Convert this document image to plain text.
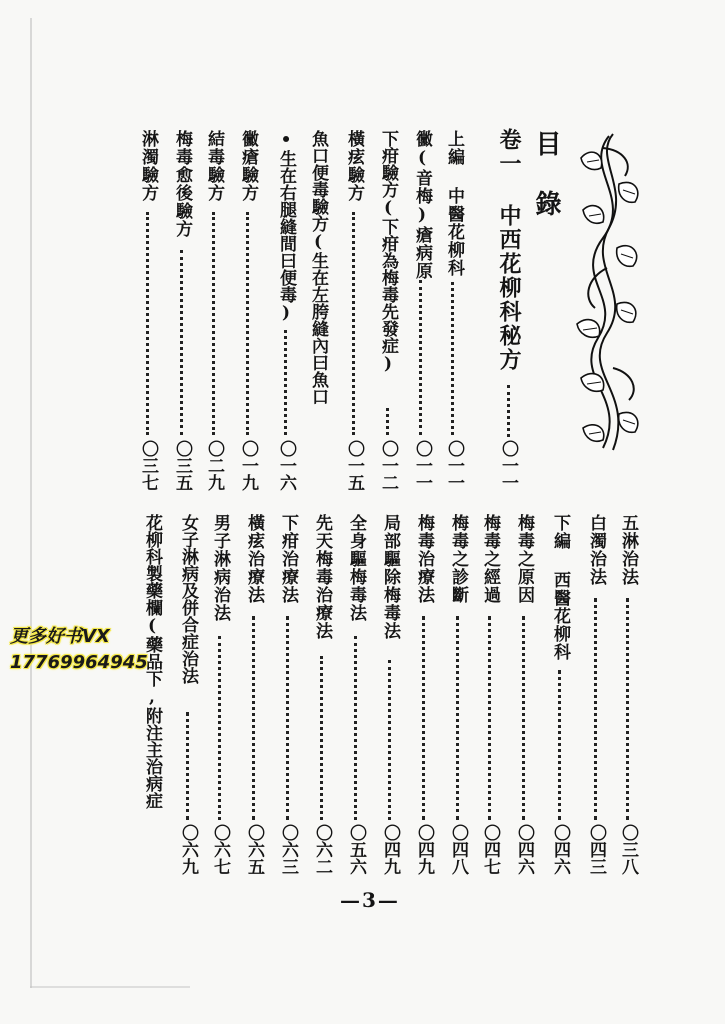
目錄
卷一 中西花柳科秘方
〇一一
上編 中醫花柳科
〇一一
黴(音梅)瘡病原
〇一一
下疳驗方(下疳為梅毒先發症)
〇一二
橫痃驗方
〇一五
魚口便毒驗方(生在左胯縫內曰魚口
•生在右腿縫間曰便毒)
〇一六
黴瘡驗方
〇一九
結毒驗方
〇二九
梅毒愈後驗方
〇三五
淋濁驗方
〇三七
五淋治法
〇三八
白濁治法
〇四三
下編 西醫花柳科
〇四六
梅毒之原因
〇四六
梅毒之經過
〇四七
梅毒之診斷
〇四八
梅毒治療法
〇四九
局部驅除梅毒法
〇四九
全身驅梅毒法
〇五六
先天梅毒治療法
〇六二
下疳治療法
〇六三
橫痃治療法
〇六五
男子淋病治法
〇六七
女子淋病及併合症治法
〇六九
花柳科製藥欄(藥品下,附注主治病症
更多好书VX
17769964945
—3—
